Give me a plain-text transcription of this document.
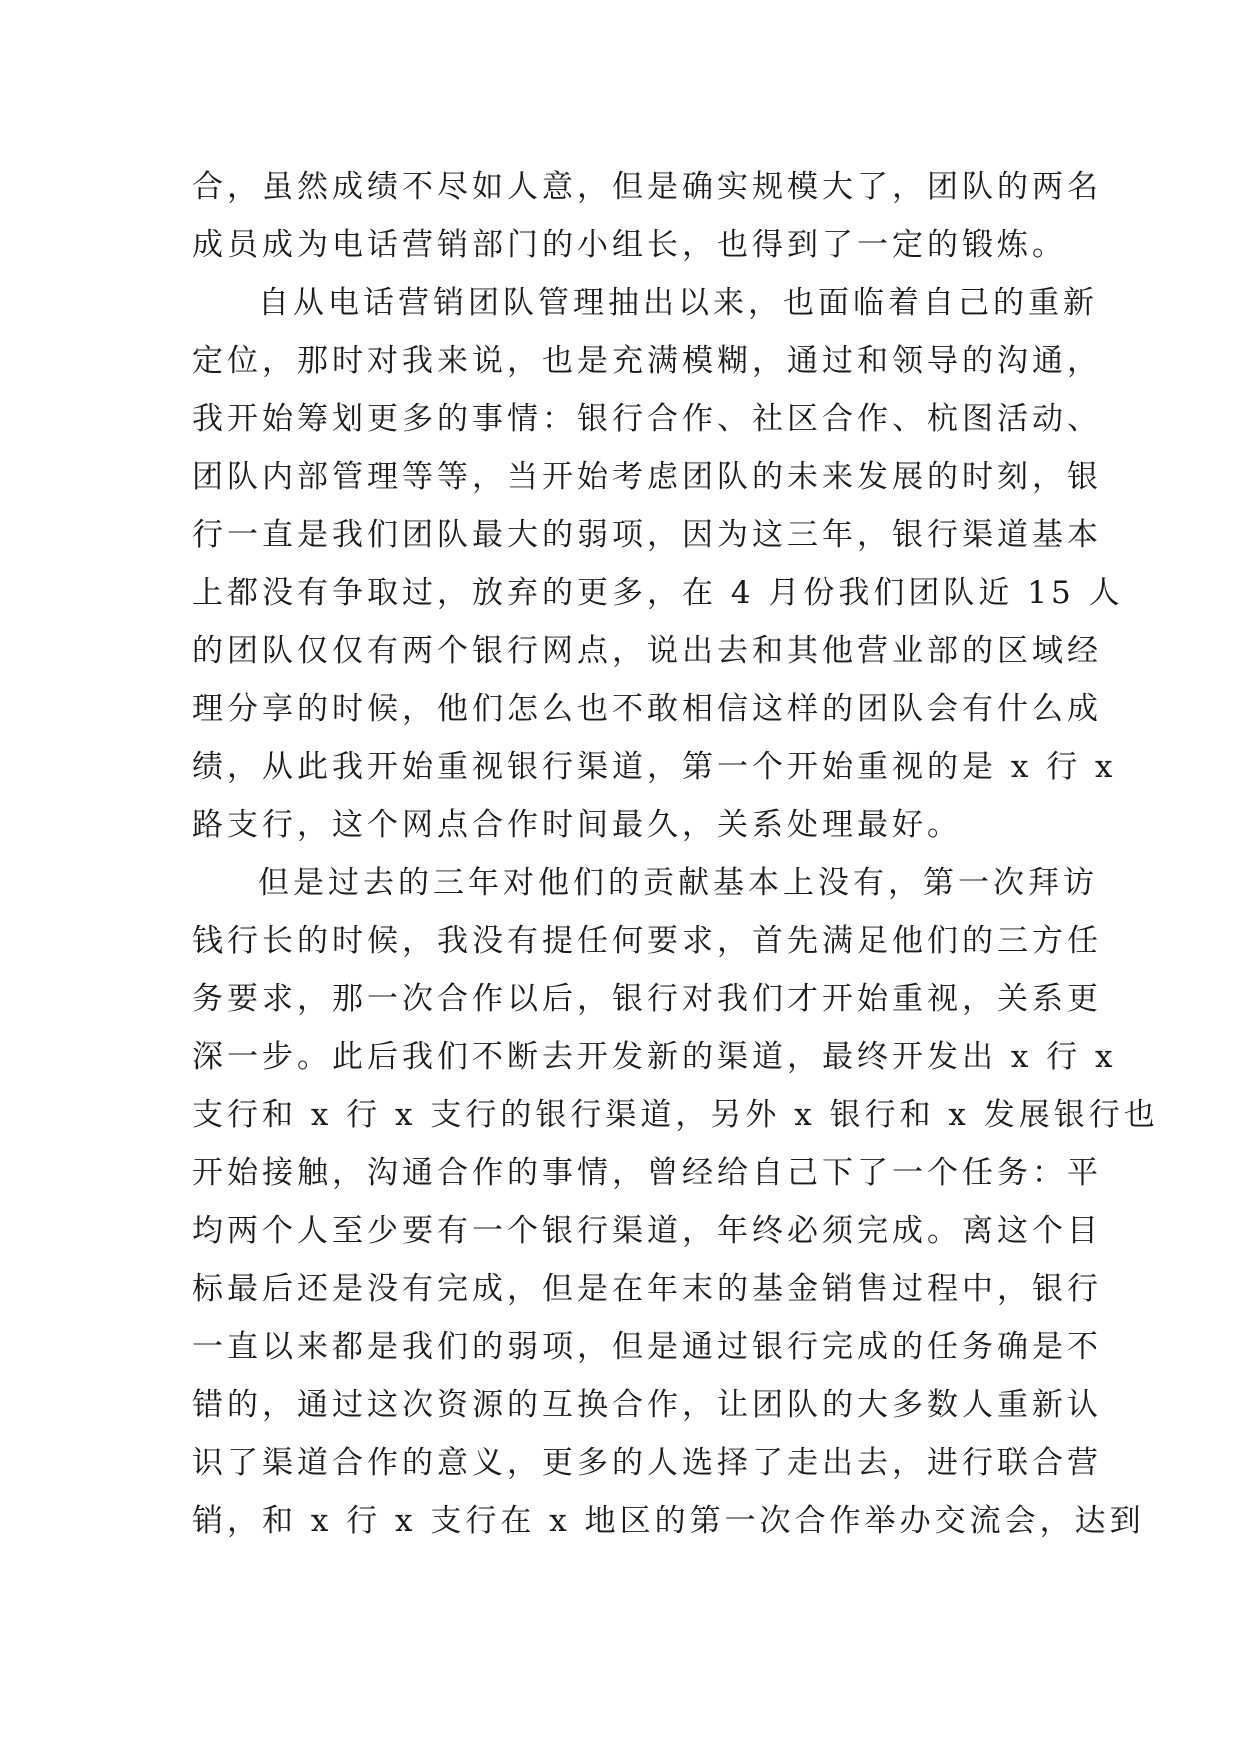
合，虽然成绩不尽如人意，但是确实规模大了，团队的两名
成员成为电话营销部门的小组长，也得到了一定的锻炼。
自从电话营销团队管理抽出以来，也面临着自己的重新
定位，那时对我来说，也是充满模糊，通过和领导的沟通，
我开始筹划更多的事情：银行合作、社区合作、杭图活动、
团队内部管理等等，当开始考虑团队的未来发展的时刻，银
行一直是我们团队最大的弱项，因为这三年，银行渠道基本
上都没有争取过，放弃的更多，在 4 月份我们团队近 15 人
的团队仅仅有两个银行网点，说出去和其他营业部的区域经
理分享的时候，他们怎么也不敢相信这样的团队会有什么成
绩，从此我开始重视银行渠道，第一个开始重视的是 x 行 x
路支行，这个网点合作时间最久，关系处理最好。
但是过去的三年对他们的贡献基本上没有，第一次拜访
钱行长的时候，我没有提任何要求，首先满足他们的三方任
务要求，那一次合作以后，银行对我们才开始重视，关系更
深一步。此后我们不断去开发新的渠道，最终开发出 x 行 x
支行和 x 行 x 支行的银行渠道，另外 x 银行和 x 发展银行也
开始接触，沟通合作的事情，曾经给自己下了一个任务：平
均两个人至少要有一个银行渠道，年终必须完成。离这个目
标最后还是没有完成，但是在年末的基金销售过程中，银行
一直以来都是我们的弱项，但是通过银行完成的任务确是不
错的，通过这次资源的互换合作，让团队的大多数人重新认
识了渠道合作的意义，更多的人选择了走出去，进行联合营
销，和 x 行 x 支行在 x 地区的第一次合作举办交流会，达到
